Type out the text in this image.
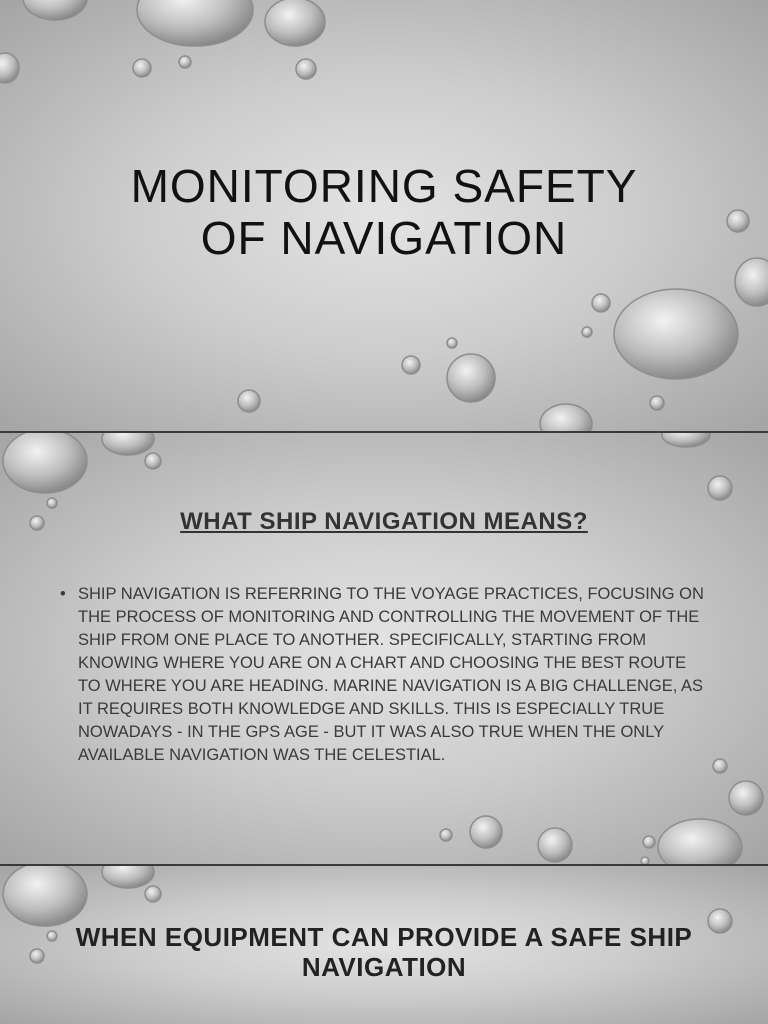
MONITORING SAFETY
OF NAVIGATION
WHAT SHIP NAVIGATION MEANS?
• SHIP NAVIGATION IS REFERRING TO THE VOYAGE PRACTICES, FOCUSING ON THE PROCESS OF MONITORING AND CONTROLLING THE MOVEMENT OF THE SHIP FROM ONE PLACE TO ANOTHER. SPECIFICALLY, STARTING FROM KNOWING WHERE YOU ARE ON A CHART AND CHOOSING THE BEST ROUTE TO WHERE YOU ARE HEADING. MARINE NAVIGATION IS A BIG CHALLENGE, AS IT REQUIRES BOTH KNOWLEDGE AND SKILLS. THIS IS ESPECIALLY TRUE NOWADAYS - IN THE GPS AGE - BUT IT WAS ALSO TRUE WHEN THE ONLY AVAILABLE NAVIGATION WAS THE CELESTIAL.
WHEN EQUIPMENT CAN PROVIDE A SAFE SHIP NAVIGATION
